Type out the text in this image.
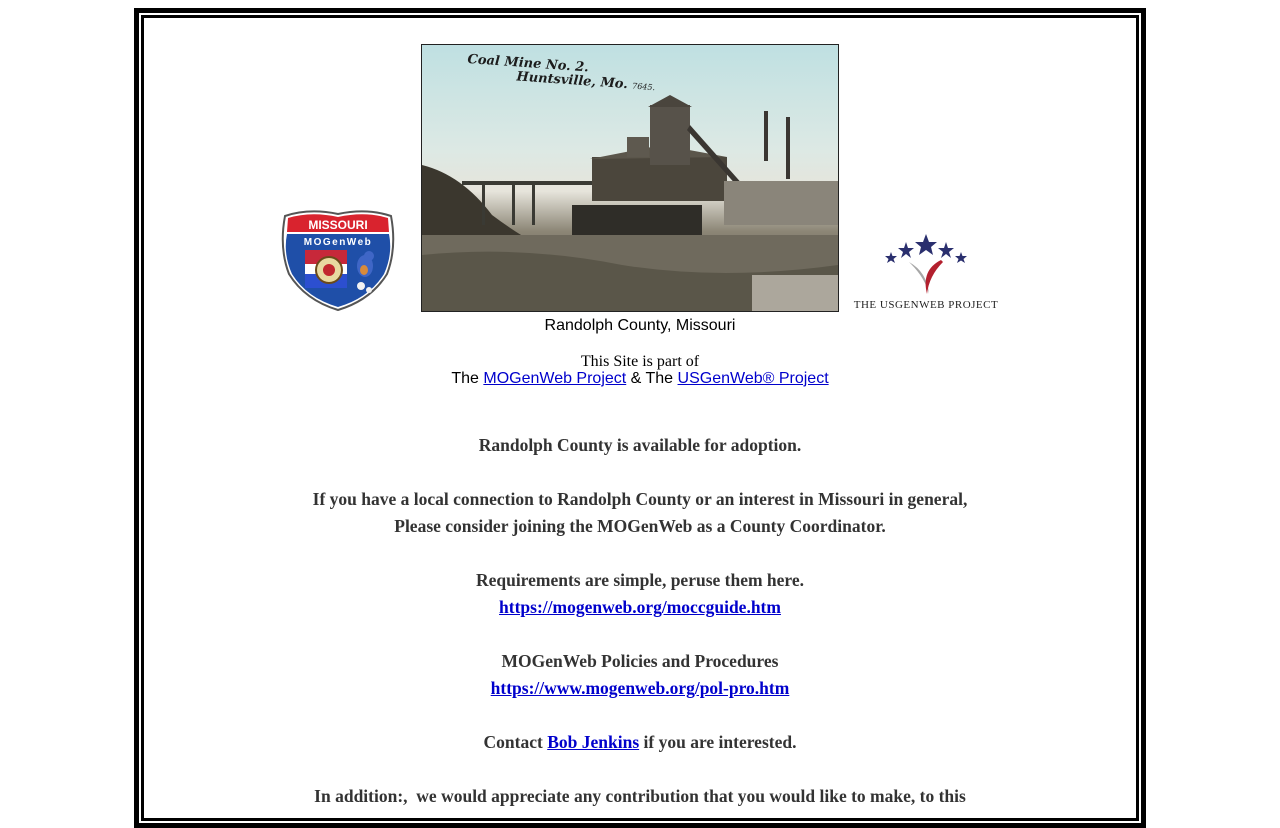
MISSOURI
MOGenWeb
Coal Mine No. 2.
Huntsville, Mo. 7645.
THE USGENWEB PROJECT

Randolph County, Missouri

This Site is part of

The MOGenWeb Project & The USGenWeb® Project

Randolph County is available for adoption.

If you have a local connection to Randolph County or an interest in Missouri in general,

Please consider joining the MOGenWeb as a County Coordinator.

Requirements are simple, peruse them here.

https://mogenweb.org/moccguide.htm

MOGenWeb Policies and Procedures

https://www.mogenweb.org/pol-pro.htm

Contact Bob Jenkins if you are interested.

In addition:,  we would appreciate any contribution that you would like to make, to this
